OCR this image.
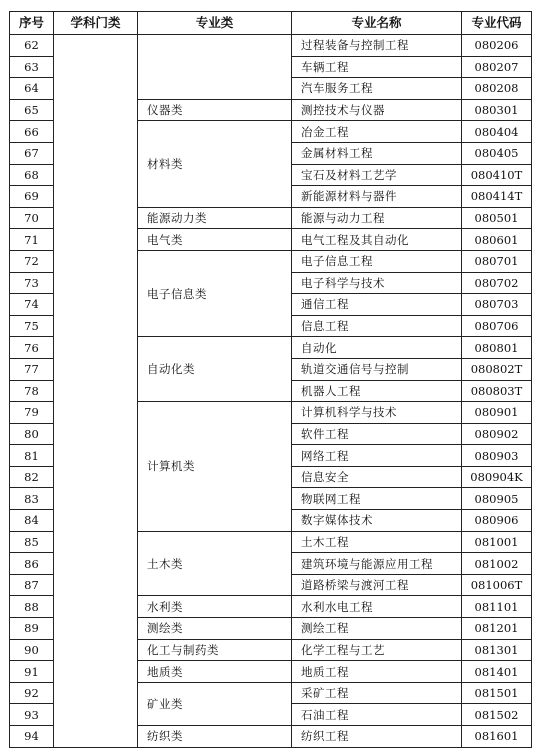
序号	学科门类	专业类	专业名称	专业代码
62			过程装备与控制工程	080206
63			车辆工程	080207
64			汽车服务工程	080208
65		仪器类	测控技术与仪器	080301
66		材料类	冶金工程	080404
67			金属材料工程	080405
68			宝石及材料工艺学	080410T
69			新能源材料与器件	080414T
70		能源动力类	能源与动力工程	080501
71		电气类	电气工程及其自动化	080601
72		电子信息类	电子信息工程	080701
73			电子科学与技术	080702
74			通信工程	080703
75			信息工程	080706
76		自动化类	自动化	080801
77			轨道交通信号与控制	080802T
78			机器人工程	080803T
79		计算机类	计算机科学与技术	080901
80			软件工程	080902
81			网络工程	080903
82			信息安全	080904K
83			物联网工程	080905
84			数字媒体技术	080906
85		土木类	土木工程	081001
86			建筑环境与能源应用工程	081002
87			道路桥梁与渡河工程	081006T
88		水利类	水利水电工程	081101
89		测绘类	测绘工程	081201
90		化工与制药类	化学工程与工艺	081301
91		地质类	地质工程	081401
92		矿业类	采矿工程	081501
93			石油工程	081502
94		纺织类	纺织工程	081601
